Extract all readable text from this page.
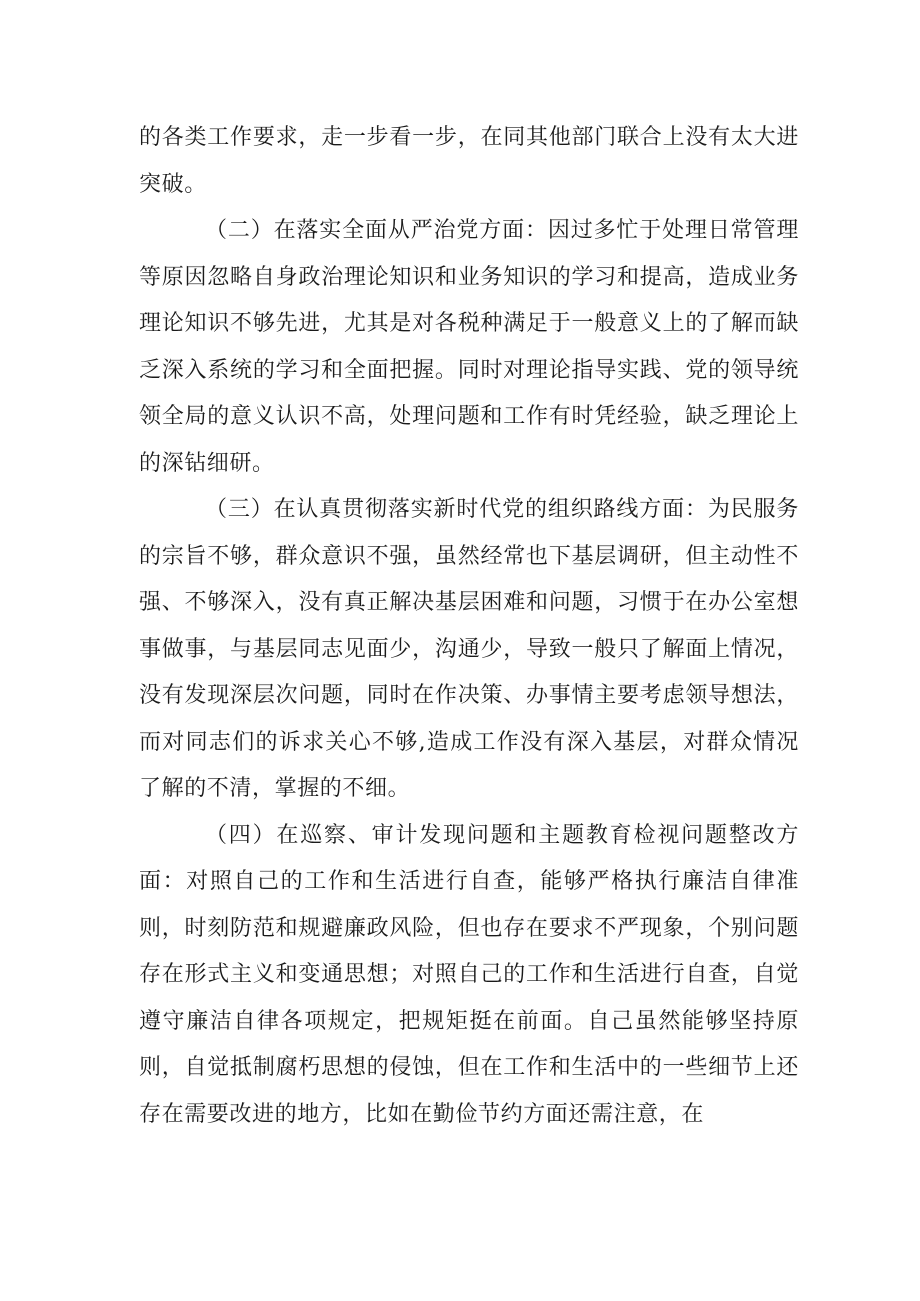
的各类工作要求，走一步看一步，在同其他部门联合上没有太大进突破。

（二）在落实全面从严治党方面：因过多忙于处理日常管理等原因忽略自身政治理论知识和业务知识的学习和提高，造成业务理论知识不够先进，尤其是对各税种满足于一般意义上的了解而缺乏深入系统的学习和全面把握。同时对理论指导实践、党的领导统领全局的意义认识不高，处理问题和工作有时凭经验，缺乏理论上的深钻细研。

（三）在认真贯彻落实新时代党的组织路线方面：为民服务的宗旨不够，群众意识不强，虽然经常也下基层调研，但主动性不强、不够深入，没有真正解决基层困难和问题，习惯于在办公室想事做事，与基层同志见面少，沟通少，导致一般只了解面上情况，没有发现深层次问题，同时在作决策、办事情主要考虑领导想法，而对同志们的诉求关心不够,造成工作没有深入基层，对群众情况了解的不清，掌握的不细。

（四）在巡察、审计发现问题和主题教育检视问题整改方面：对照自己的工作和生活进行自查，能够严格执行廉洁自律准则，时刻防范和规避廉政风险，但也存在要求不严现象，个别问题存在形式主义和变通思想；对照自己的工作和生活进行自查，自觉遵守廉洁自律各项规定，把规矩挺在前面。自己虽然能够坚持原则，自觉抵制腐朽思想的侵蚀，但在工作和生活中的一些细节上还存在需要改进的地方，比如在勤俭节约方面还需注意，在
